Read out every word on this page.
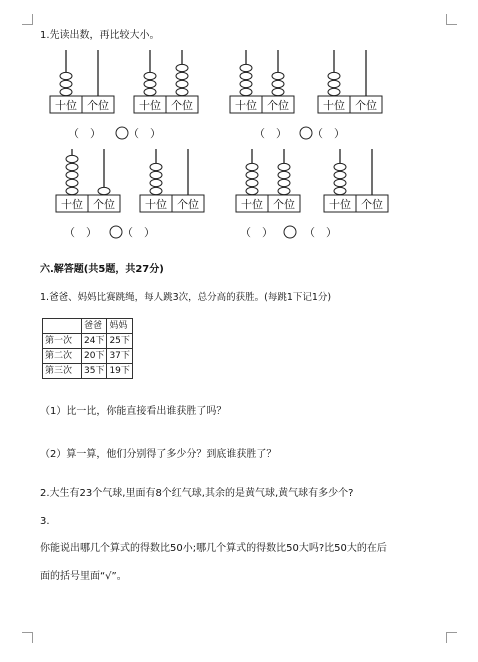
1.先读出数，再比较大小。
十位 个位	十位 个位	十位 个位	十位 个位
十位 个位	十位 个位	十位 个位	十位 个位
（ ）	（ ）
（ ）	（ ）
（ ）	（ ）
（ ）	（ ）
六.解答题(共5题，共27分)
1.爸爸、妈妈比赛跳绳，每人跳3次，总分高的获胜。(每跳1下记1分)
	爸爸	妈妈
第一次	24下	25下
第二次	20下	37下
第三次	35下	19下
（1）比一比，你能直接看出谁获胜了吗？
（2）算一算，他们分别得了多少分？到底谁获胜了？
2.大生有23个气球,里面有8个红气球,其余的是黄气球,黄气球有多少个?
3.
你能说出哪几个算式的得数比50小;哪几个算式的得数比50大吗?比50大的在后
面的括号里面“√”。
